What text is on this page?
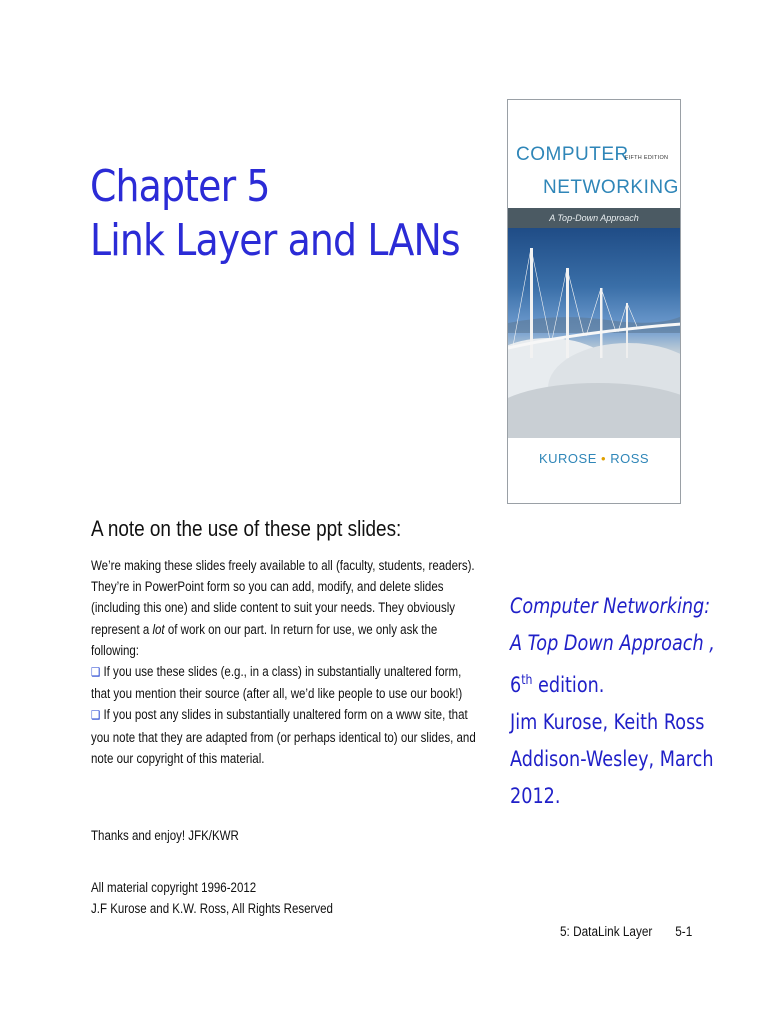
Chapter 5
Link Layer and LANs
COMPUTER
FIFTH EDITION
NETWORKING
A Top-Down Approach
KUROSE • ROSS
A note on the use of these ppt slides:

We’re making these slides freely available to all (faculty, students, readers).

They’re in PowerPoint form so you can add, modify, and delete slides

(including this one) and slide content to suit your needs. They obviously

represent a lot of work on our part. In return for use, we only ask the

following:

❑ If you use these slides (e.g., in a class) in substantially unaltered form,

that you mention their source (after all, we’d like people to use our book!)

❑ If you post any slides in substantially unaltered form on a www site, that

you note that they are adapted from (or perhaps identical to) our slides, and

note our copyright of this material.

Thanks and enjoy! JFK/KWR
All material copyright 1996-2012
J.F Kurose and K.W. Ross, All Rights Reserved
Computer Networking:
A Top Down Approach ,
6th edition.
Jim Kurose, Keith Ross
Addison-Wesley, March
2012.
5: DataLink Layer 5-1
